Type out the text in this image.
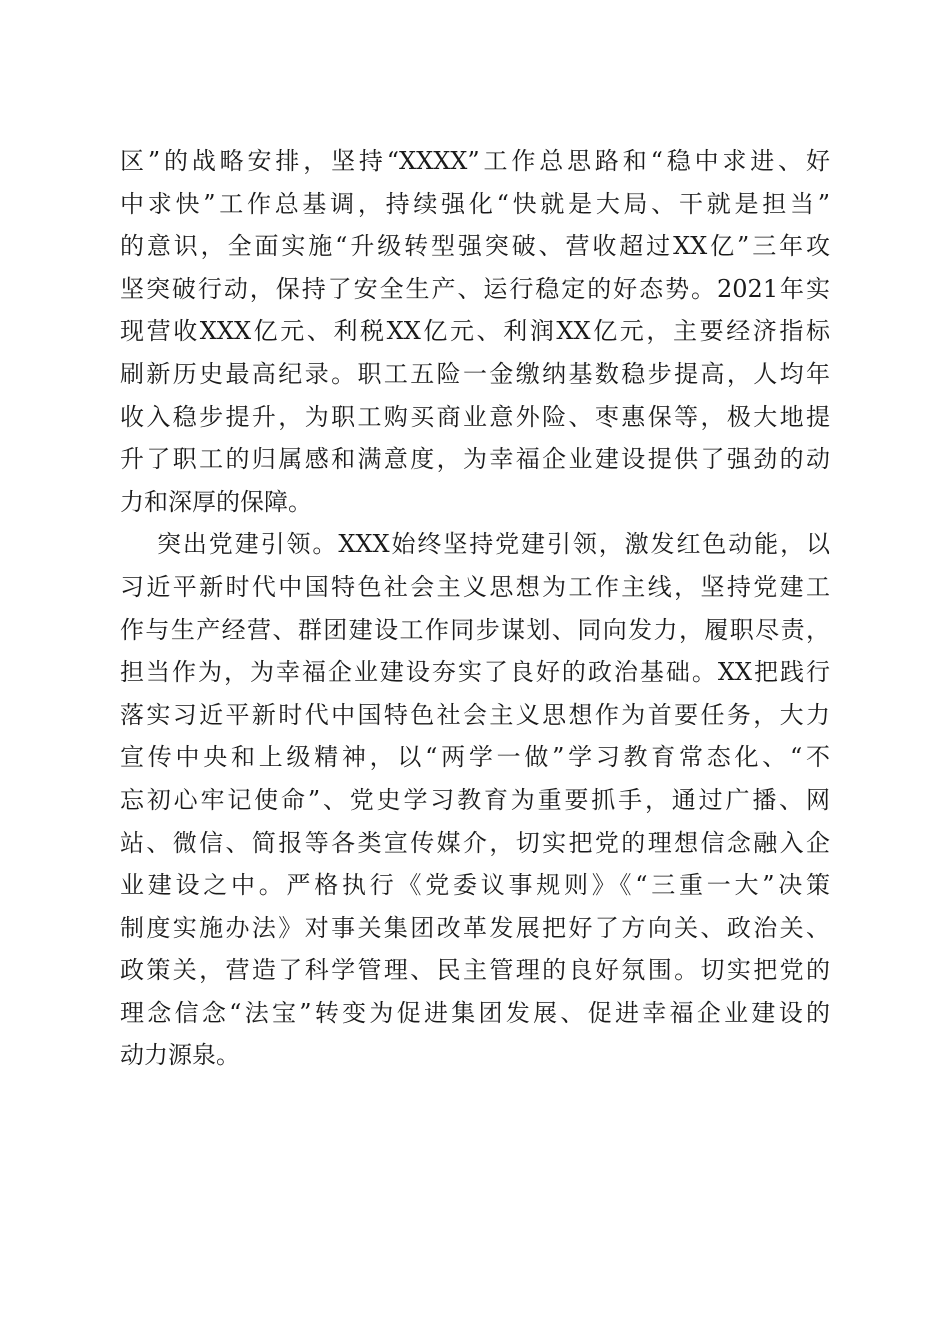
区”的战略安排，坚持“XXXX”工作总思路和“稳中求进、好
中求快”工作总基调，持续强化“快就是大局、干就是担当”
的意识，全面实施“升级转型强突破、营收超过XX亿”三年攻
坚突破行动，保持了安全生产、运行稳定的好态势。2021年实
现营收XXX亿元、利税XX亿元、利润XX亿元，主要经济指标
刷新历史最高纪录。职工五险一金缴纳基数稳步提高，人均年
收入稳步提升，为职工购买商业意外险、枣惠保等，极大地提
升了职工的归属感和满意度，为幸福企业建设提供了强劲的动
力和深厚的保障。
突出党建引领。XXX始终坚持党建引领，激发红色动能，以
习近平新时代中国特色社会主义思想为工作主线，坚持党建工
作与生产经营、群团建设工作同步谋划、同向发力，履职尽责，
担当作为，为幸福企业建设夯实了良好的政治基础。XX把践行
落实习近平新时代中国特色社会主义思想作为首要任务，大力
宣传中央和上级精神，以“两学一做”学习教育常态化、“不
忘初心牢记使命”、党史学习教育为重要抓手，通过广播、网
站、微信、简报等各类宣传媒介，切实把党的理想信念融入企
业建设之中。严格执行《党委议事规则》《“三重一大”决策
制度实施办法》对事关集团改革发展把好了方向关、政治关、
政策关，营造了科学管理、民主管理的良好氛围。切实把党的
理念信念“法宝”转变为促进集团发展、促进幸福企业建设的
动力源泉。
